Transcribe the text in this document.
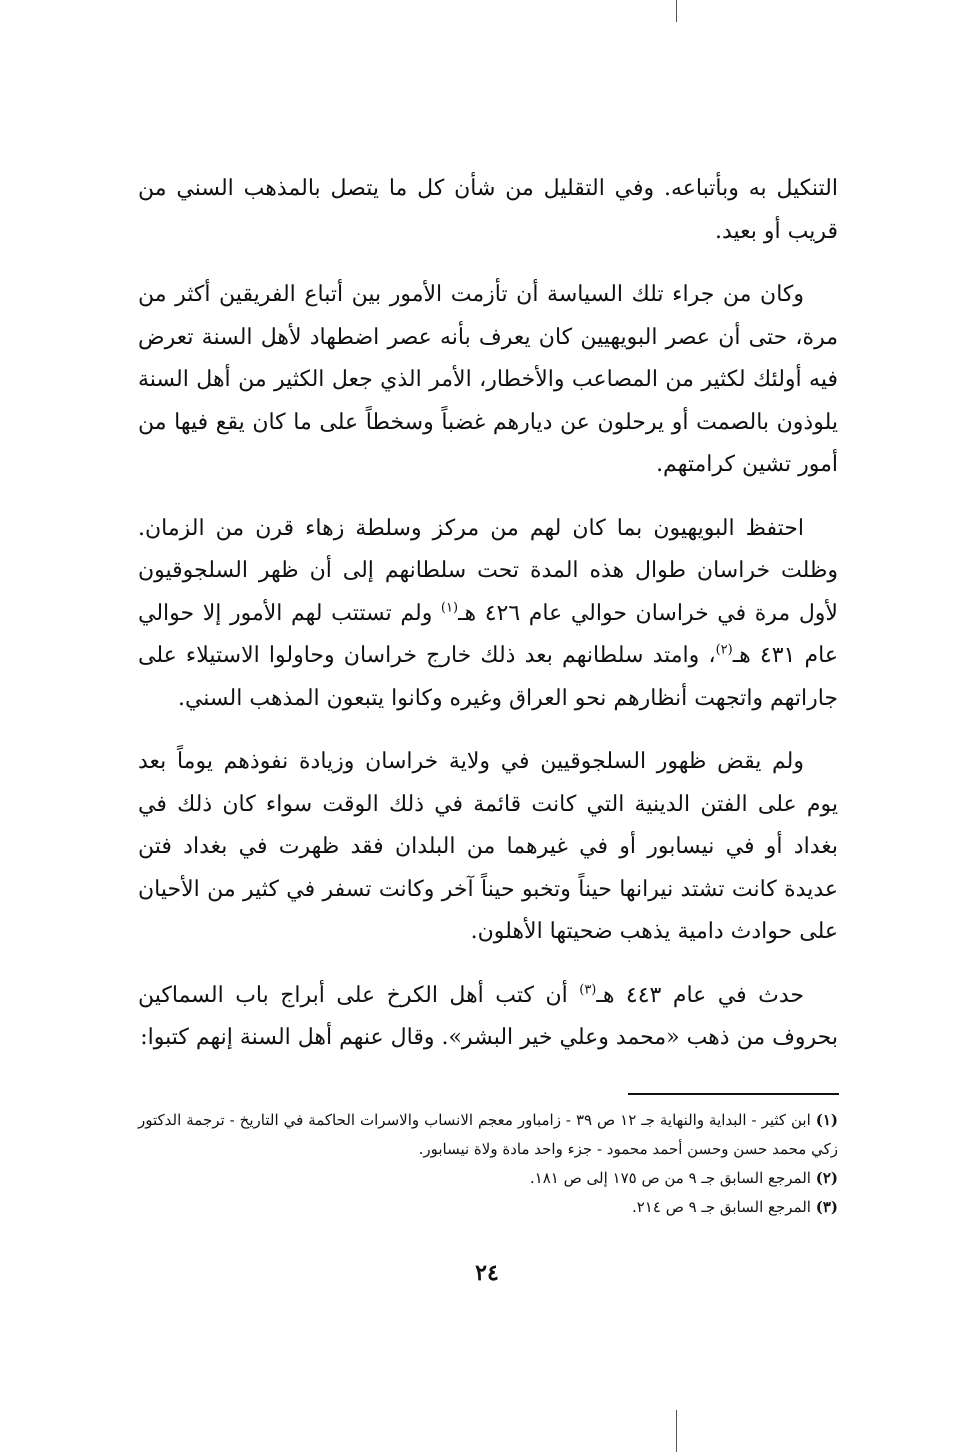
التنكيل به وبأتباعه. وفي التقليل من شأن كل ما يتصل بالمذهب السني من قريب أو بعيد.

وكان من جراء تلك السياسة أن تأزمت الأمور بين أتباع الفريقين أكثر من مرة، حتى أن عصر البويهيين كان يعرف بأنه عصر اضطهاد لأهل السنة تعرض فيه أولئك لكثير من المصاعب والأخطار، الأمر الذي جعل الكثير من أهل السنة يلوذون بالصمت أو يرحلون عن ديارهم غضباً وسخطاً على ما كان يقع فيها من أمور تشين كرامتهم.

احتفظ البويهيون بما كان لهم من مركز وسلطة زهاء قرن من الزمان. وظلت خراسان طوال هذه المدة تحت سلطانهم إلى أن ظهر السلجوقيون لأول مرة في خراسان حوالي عام ٤٢٦ هـ$^{(١)}$ ولم تستتب لهم الأمور إلا حوالي عام ٤٣١ هـ$^{(٢)}$، وامتد سلطانهم بعد ذلك خارج خراسان وحاولوا الاستيلاء على جاراتهم واتجهت أنظارهم نحو العراق وغيره وكانوا يتبعون المذهب السني.

ولم يقض ظهور السلجوقيين في ولاية خراسان وزيادة نفوذهم يوماً بعد يوم على الفتن الدينية التي كانت قائمة في ذلك الوقت سواء كان ذلك في بغداد أو في نيسابور أو في غيرهما من البلدان فقد ظهرت في بغداد فتن عديدة كانت تشتد نيرانها حيناً وتخبو حيناً آخر وكانت تسفر في كثير من الأحيان على حوادث دامية يذهب ضحيتها الأهلون.

حدث في عام ٤٤٣ هـ$^{(٣)}$ أن كتب أهل الكرخ على أبراج باب السماكين بحروف من ذهب «محمد وعلي خير البشر». وقال عنهم أهل السنة إنهم كتبوا:

(١) ابن كثير - البداية والنهاية جـ ١٢ ص ٣٩ - زامباور معجم الانساب والاسرات الحاكمة في التاريخ - ترجمة الدكتور زكي محمد حسن وحسن أحمد محمود - جزء واحد مادة ولاة نيسابور.

(٢) المرجع السابق جـ ٩ من ص ١٧٥ إلى ص ١٨١.

(٣) المرجع السابق جـ ٩ ص ٢١٤.

٢٤
